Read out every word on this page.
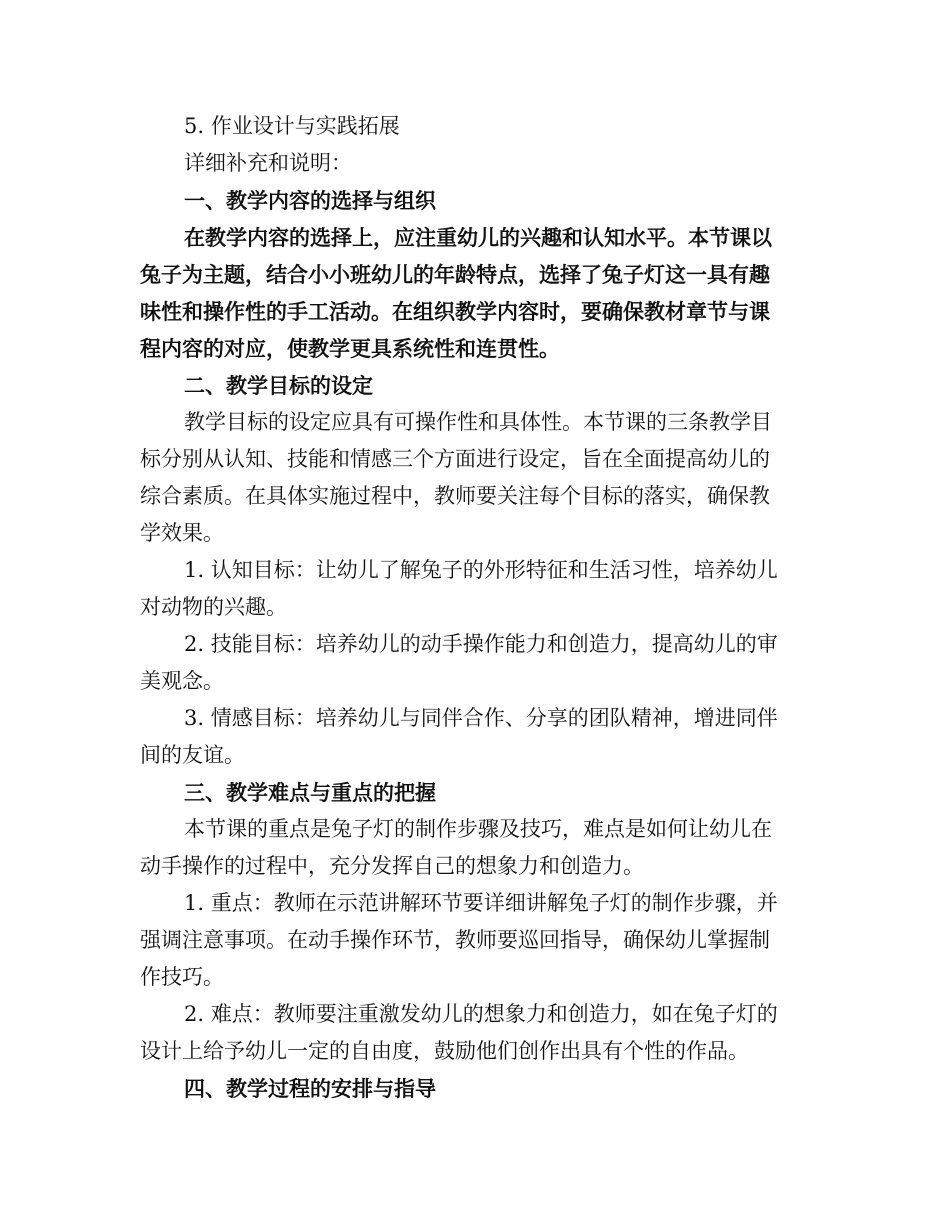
5. 作业设计与实践拓展
详细补充和说明：
一、教学内容的选择与组织
在教学内容的选择上，应注重幼儿的兴趣和认知水平。本节课以
兔子为主题，结合小小班幼儿的年龄特点，选择了兔子灯这一具有趣
味性和操作性的手工活动。在组织教学内容时，要确保教材章节与课
程内容的对应，使教学更具系统性和连贯性。
二、教学目标的设定
教学目标的设定应具有可操作性和具体性。本节课的三条教学目
标分别从认知、技能和情感三个方面进行设定，旨在全面提高幼儿的
综合素质。在具体实施过程中，教师要关注每个目标的落实，确保教
学效果。
1. 认知目标：让幼儿了解兔子的外形特征和生活习性，培养幼儿
对动物的兴趣。
2. 技能目标：培养幼儿的动手操作能力和创造力，提高幼儿的审
美观念。
3. 情感目标：培养幼儿与同伴合作、分享的团队精神，增进同伴
间的友谊。
三、教学难点与重点的把握
本节课的重点是兔子灯的制作步骤及技巧，难点是如何让幼儿在
动手操作的过程中，充分发挥自己的想象力和创造力。
1. 重点：教师在示范讲解环节要详细讲解兔子灯的制作步骤，并
强调注意事项。在动手操作环节，教师要巡回指导，确保幼儿掌握制
作技巧。
2. 难点：教师要注重激发幼儿的想象力和创造力，如在兔子灯的
设计上给予幼儿一定的自由度，鼓励他们创作出具有个性的作品。
四、教学过程的安排与指导
